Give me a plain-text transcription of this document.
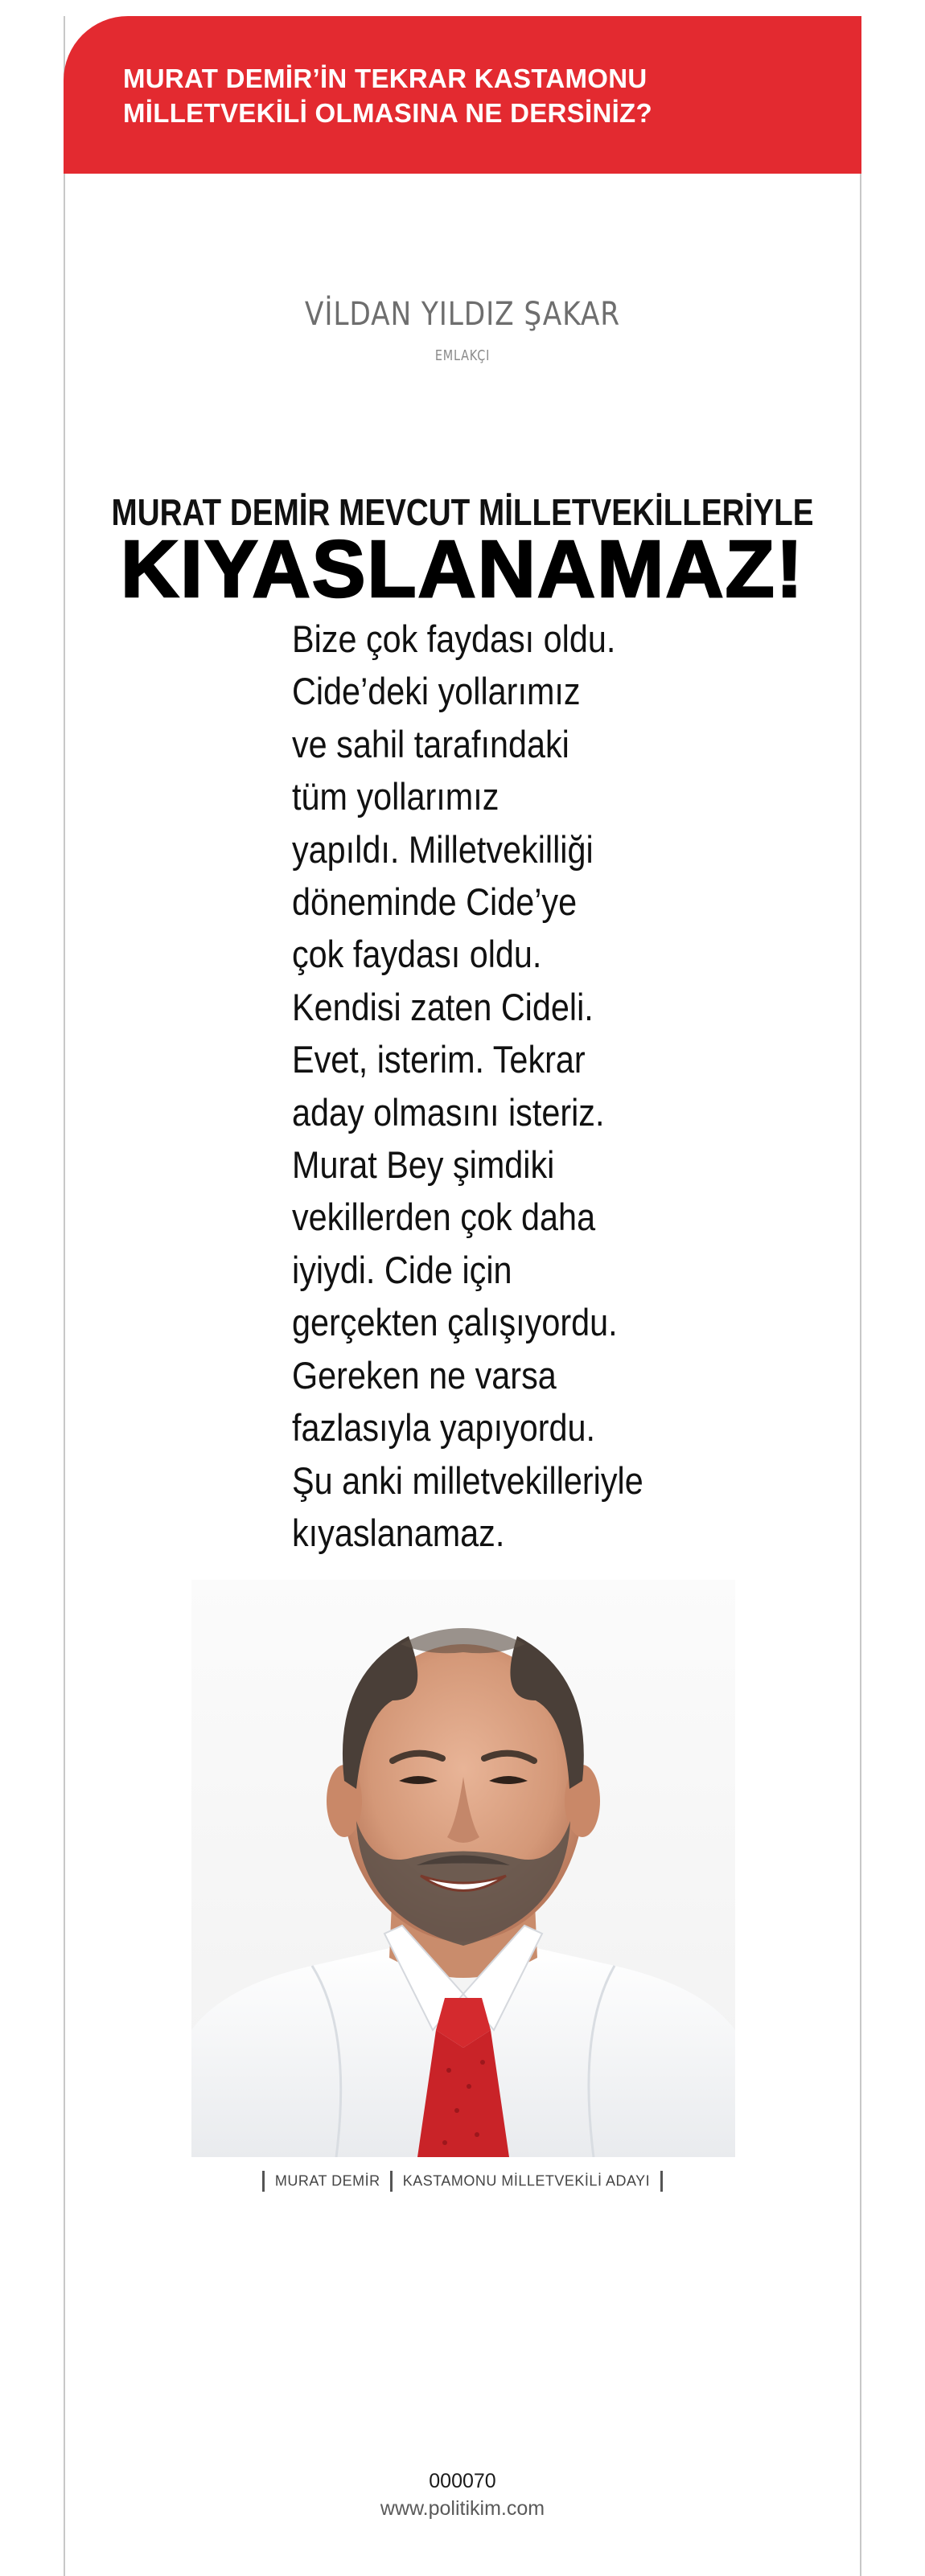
MURAT DEMİR’İN TEKRAR KASTAMONU
MİLLETVEKİLİ OLMASINA NE DERSİNİZ?
VİLDAN YILDIZ ŞAKAR
EMLAKÇI
MURAT DEMİR MEVCUT MİLLETVEKİLLERİYLE
KIYASLANAMAZ!
Bize çok faydası oldu.
Cide’deki yollarımız
ve sahil tarafındaki
tüm yollarımız
yapıldı. Milletvekilliği
döneminde Cide’ye
çok faydası oldu.
Kendisi zaten Cideli.
Evet, isterim. Tekrar
aday olmasını isteriz.
Murat Bey şimdiki
vekillerden çok daha
iyiydi. Cide için
gerçekten çalışıyordu.
Gereken ne varsa
fazlasıyla yapıyordu.
Şu anki milletvekilleriyle
kıyaslanamaz.
MURAT DEMİR KASTAMONU MİLLETVEKİLİ ADAYI
000070
www.politikim.com
